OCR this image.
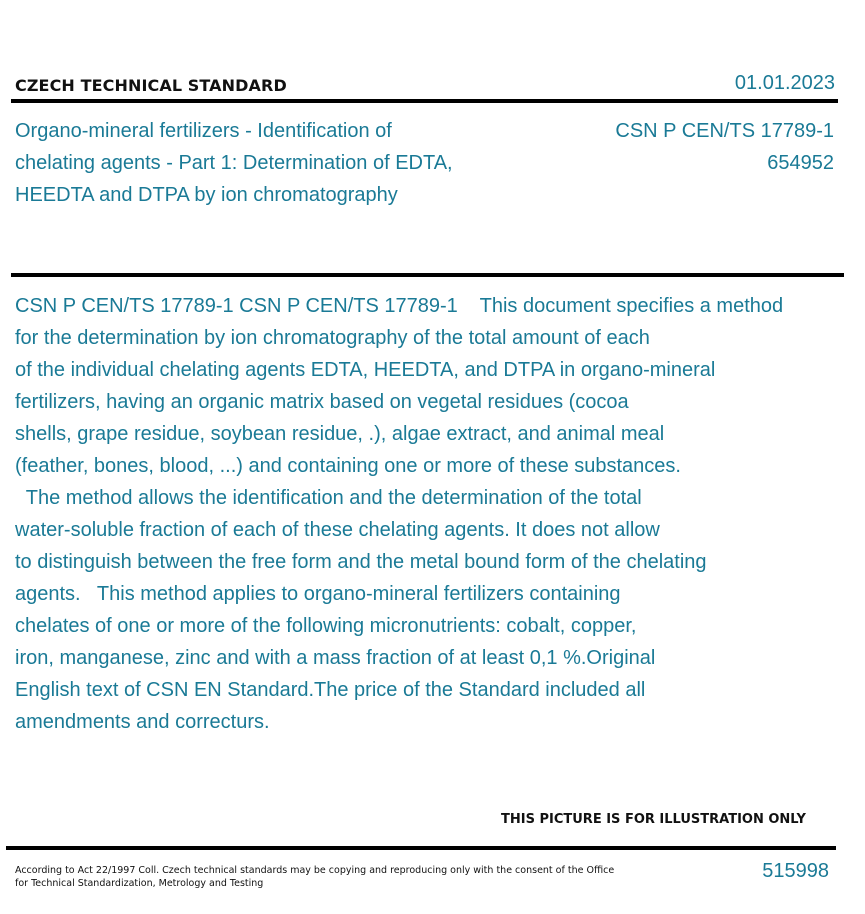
CZECH TECHNICAL STANDARD	01.01.2023
Organo-mineral fertilizers - Identification of
chelating agents - Part 1: Determination of EDTA,
HEEDTA and DTPA by ion chromatography
CSN P CEN/TS 17789-1
654952
CSN P CEN/TS 17789-1 CSN P CEN/TS 17789-1    This document specifies a method
for the determination by ion chromatography of the total amount of each
of the individual chelating agents EDTA, HEEDTA, and DTPA in organo-mineral
fertilizers, having an organic matrix based on vegetal residues (cocoa
shells, grape residue, soybean residue, .), algae extract, and animal meal
(feather, bones, blood, ...) and containing one or more of these substances.
The method allows the identification and the determination of the total
water-soluble fraction of each of these chelating agents. It does not allow
to distinguish between the free form and the metal bound form of the chelating
agents.   This method applies to organo-mineral fertilizers containing
chelates of one or more of the following micronutrients: cobalt, copper,
iron, manganese, zinc and with a mass fraction of at least 0,1 %.Original
English text of CSN EN Standard.The price of the Standard included all
amendments and correcturs.
THIS PICTURE IS FOR ILLUSTRATION ONLY
According to Act 22/1997 Coll. Czech technical standards may be copying and reproducing only with the consent of the Office
for Technical Standardization, Metrology and Testing
515998
